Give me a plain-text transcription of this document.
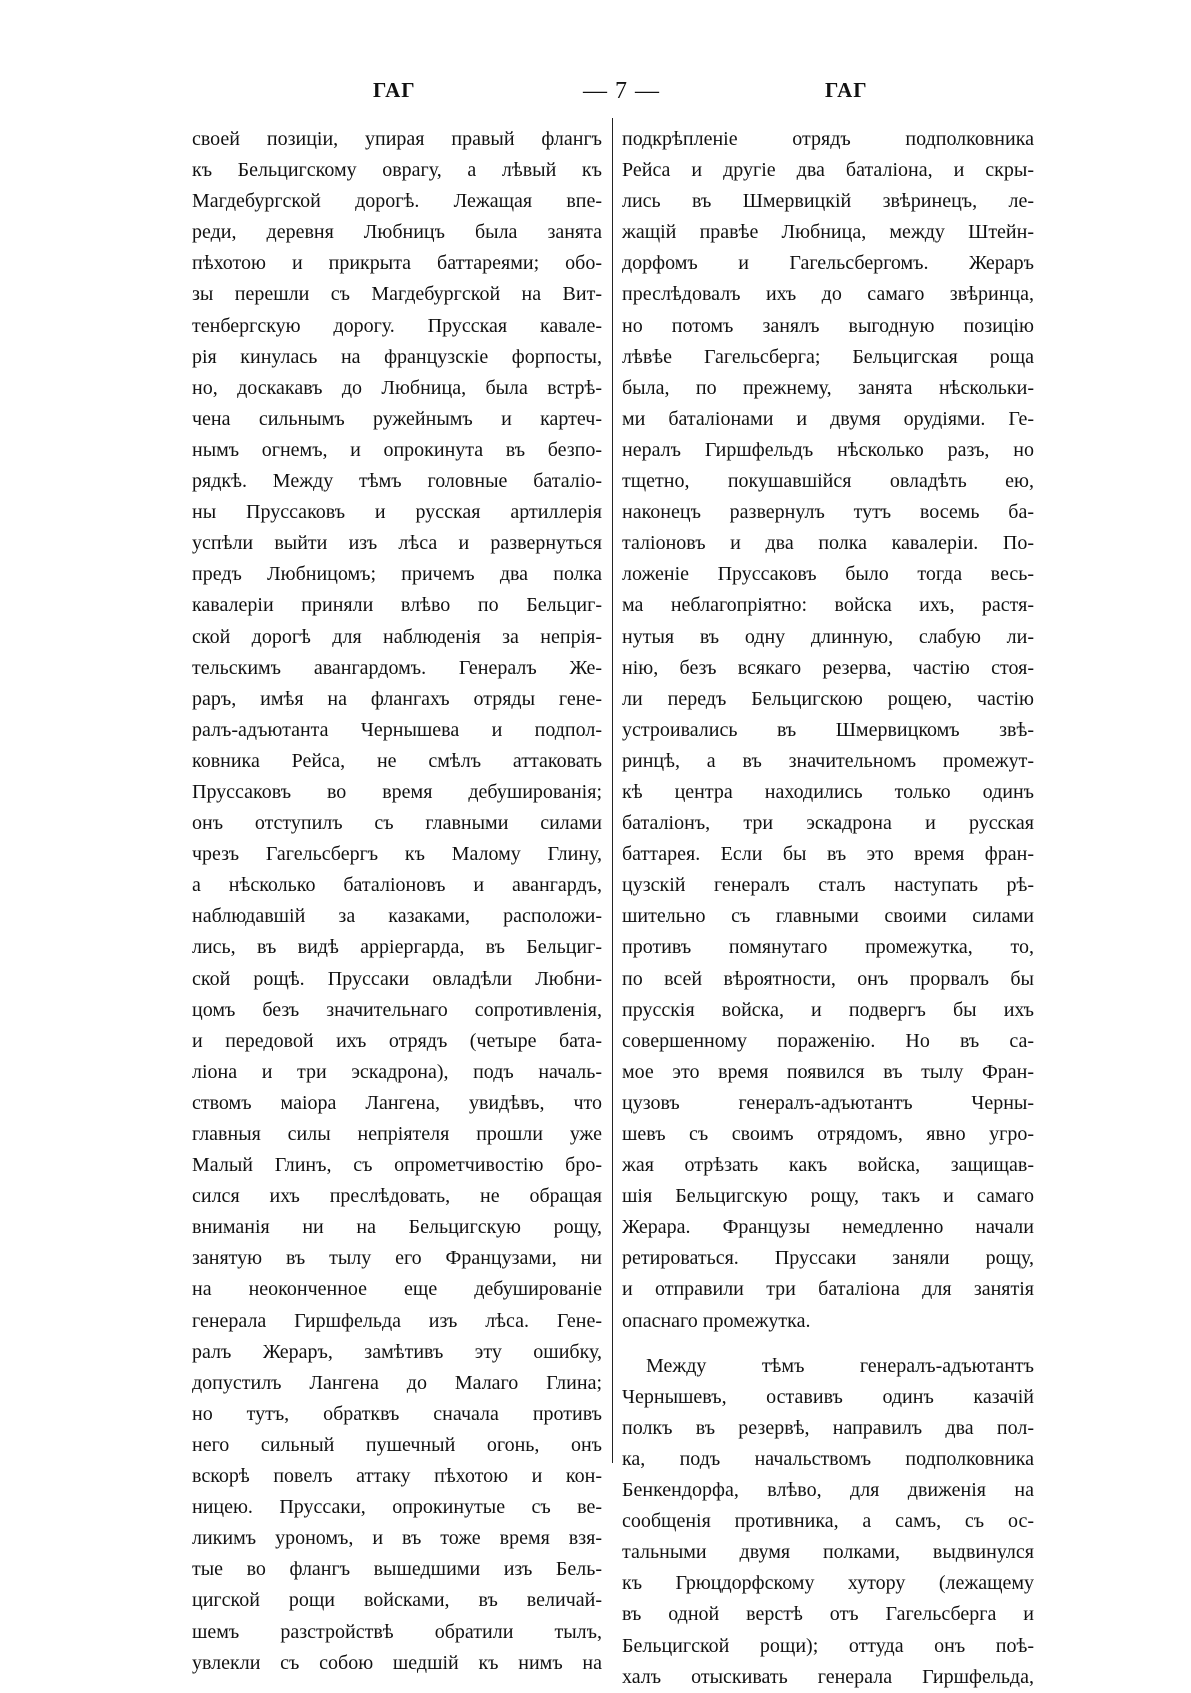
ГАГ	— 7 —	ГАГ
своей позиціи, упирая правый флангъ
къ Бельцигскому оврагу, а лѣвый къ
Магдебургской дорогѣ. Лежащая впе-
реди, деревня Любницъ была занята
пѣхотою и прикрыта баттареями; обо-
зы перешли съ Магдебургской на Вит-
тенбергскую дорогу. Прусская кавале-
рія кинулась на французскіе форпосты,
но, доскакавъ до Любница, была встрѣ-
чена сильнымъ ружейнымъ и картеч-
нымъ огнемъ, и опрокинута въ безпо-
рядкѣ. Между тѣмъ головные баталіо-
ны Пруссаковъ и русская артиллерія
успѣли выйти изъ лѣса и развернуться
предъ Любницомъ; причемъ два полка
кавалеріи приняли влѣво по Бельциг-
ской дорогѣ для наблюденія за непрія-
тельскимъ авангардомъ. Генералъ Же-
раръ, имѣя на флангахъ отряды гене-
ралъ-адъютанта Чернышева и подпол-
ковника Рейса, не смѣлъ аттаковать
Пруссаковъ во время дебушированія;
онъ отступилъ съ главными силами
чрезъ Гагельсбергъ къ Малому Глину,
а нѣсколько баталіоновъ и авангардъ,
наблюдавшій за казаками, расположи-
лись, въ видѣ арріергарда, въ Бельциг-
ской рощѣ. Пруссаки овладѣли Любни-
цомъ безъ значительнаго сопротивленія,
и передовой ихъ отрядъ (четыре бата-
ліона и три эскадрона), подъ началь-
ствомъ маіора Лангена, увидѣвъ, что
главныя силы непріятеля прошли уже
Малый Глинъ, съ опрометчивостію бро-
сился ихъ преслѣдовать, не обращая
вниманія ни на Бельцигскую рощу,
занятую въ тылу его Французами, ни
на неоконченное еще дебушированіе
генерала Гиршфельда изъ лѣса. Гене-
ралъ Жераръ, замѣтивъ эту ошибку,
допустилъ Лангена до Малаго Глина;
но тутъ, обратквъ сначала противъ
него сильный пушечный огонь, онъ
вскорѣ повелъ аттаку пѣхотою и кон-
ницею. Пруссаки, опрокинутые съ ве-
ликимъ урономъ, и въ тоже время взя-
тые во флангъ вышедшими изъ Бель-
цигской рощи войсками, въ величай-
шемъ разстройствѣ обратили тылъ,
увлекли съ собою шедшій къ нимъ на
подкрѣпленіе отрядъ подполковника
Рейса и другіе два баталіона, и скры-
лись въ Шмервицкій звѣринецъ, ле-
жащій правѣе Любница, между Штейн-
дорфомъ и Гагельсбергомъ. Жераръ
преслѣдовалъ ихъ до самаго звѣринца,
но потомъ занялъ выгодную позицію
лѣвѣе Гагельсберга; Бельцигская роща
была, по прежнему, занята нѣскольки-
ми баталіонами и двумя орудіями. Ге-
нералъ Гиршфельдъ нѣсколько разъ, но
тщетно, покушавшійся овладѣть ею,
наконецъ развернулъ тутъ восемь ба-
таліоновъ и два полка кавалеріи. По-
ложеніе Пруссаковъ было тогда весь-
ма неблагопріятно: войска ихъ, растя-
нутыя въ одну длинную, слабую ли-
нію, безъ всякаго резерва, частію стоя-
ли передъ Бельцигскою рощею, частію
устроивались въ Шмервицкомъ звѣ-
ринцѣ, а въ значительномъ промежут-
кѣ центра находились только одинъ
баталіонъ, три эскадрона и русская
баттарея. Если бы въ это время фран-
цузскій генералъ сталъ наступать рѣ-
шительно съ главными своими силами
противъ помянутаго промежутка, то,
по всей вѣроятности, онъ прорвалъ бы
прусскія войска, и подвергъ бы ихъ
совершенному пораженію. Но въ са-
мое это время появился въ тылу Фран-
цузовъ генералъ-адъютантъ Черны-
шевъ съ своимъ отрядомъ, явно угро-
жая отрѣзать какъ войска, защищав-
шія Бельцигскую рощу, такъ и самаго
Жерара. Французы немедленно начали
ретироваться. Пруссаки заняли рощу,
и отправили три баталіона для занятія
опаснаго промежутка.
Между тѣмъ генералъ-адъютантъ
Чернышевъ, оставивъ одинъ казачій
полкъ въ резервѣ, направилъ два пол-
ка, подъ начальствомъ подполковника
Бенкендорфа, влѣво, для движенія на
сообщенія противника, а самъ, съ ос-
тальными двумя полками, выдвинулся
къ Грюцдорфскому хутору (лежащему
въ одной верстѣ отъ Гагельсберга и
Бельцигской рощи); оттуда онъ поѣ-
халъ отыскивать генерала Гиршфельда,
